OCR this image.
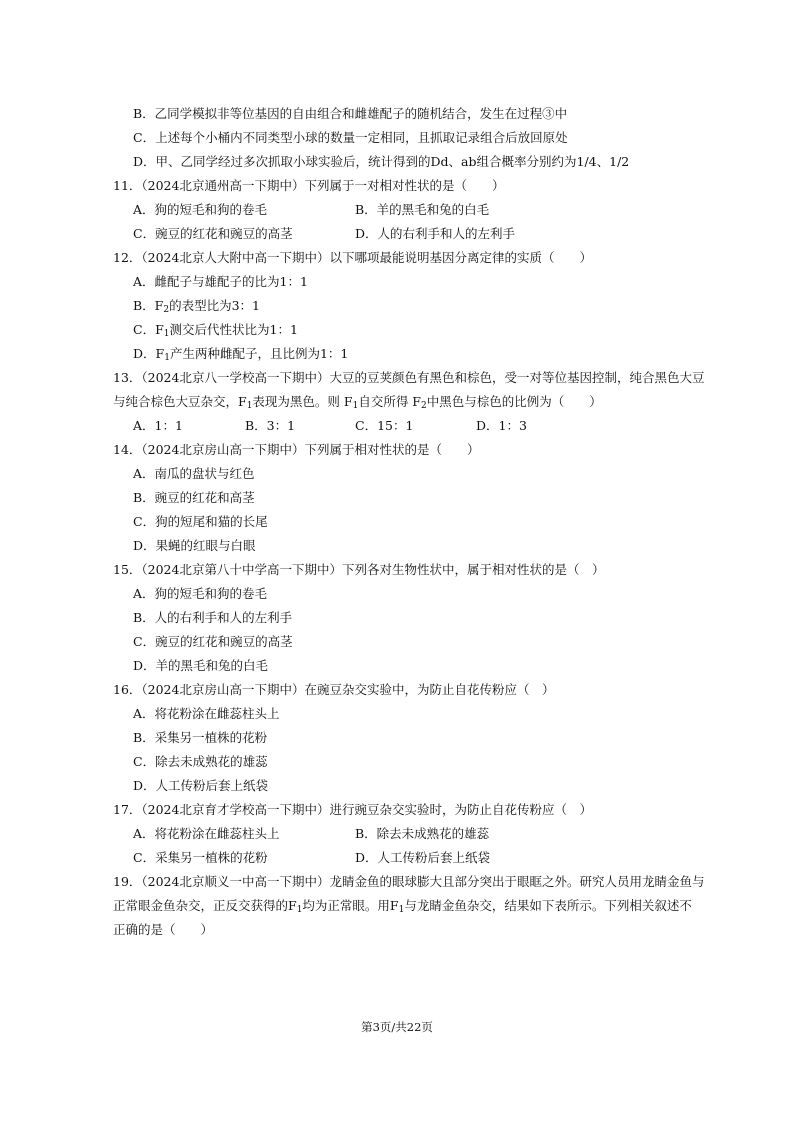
B．乙同学模拟非等位基因的自由组合和雌雄配子的随机结合，发生在过程③中
C．上述每个小桶内不同类型小球的数量一定相同，且抓取记录组合后放回原处
D．甲、乙同学经过多次抓取小球实验后，统计得到的Dd、ab组合概率分别约为1/4、1/2
11．（2024北京通州高一下期中）下列属于一对相对性状的是（　　）
A．狗的短毛和狗的卷毛	B．羊的黑毛和兔的白毛
C．豌豆的红花和豌豆的高茎	D．人的右利手和人的左利手
12．（2024北京人大附中高一下期中）以下哪项最能说明基因分离定律的实质（　　）
A．雌配子与雄配子的比为1：1
B．$F_2$的表型比为3：1
C．$F_1$测交后代性状比为1：1
D．$F_1$产生两种雌配子，且比例为1：1
13．（2024北京八一学校高一下期中）大豆的豆荚颜色有黑色和棕色，受一对等位基因控制，纯合黑色大豆
与纯合棕色大豆杂交，$F_1$表现为黑色。则 $F_1$自交所得 $F_2$中黑色与棕色的比例为（　　）
A．1：1	B．3：1	C．15：1	D．1：3
14．（2024北京房山高一下期中）下列属于相对性状的是（　　）
A．南瓜的盘状与红色
B．豌豆的红花和高茎
C．狗的短尾和猫的长尾
D．果蝇的红眼与白眼
15．（2024北京第八十中学高一下期中）下列各对生物性状中，属于相对性状的是（　）
A．狗的短毛和狗的卷毛
B．人的右利手和人的左利手
C．豌豆的红花和豌豆的高茎
D．羊的黑毛和兔的白毛
16．（2024北京房山高一下期中）在豌豆杂交实验中，为防止自花传粉应（　）
A．将花粉涂在雌蕊柱头上
B．采集另一植株的花粉
C．除去未成熟花的雄蕊
D．人工传粉后套上纸袋
17．（2024北京育才学校高一下期中）进行豌豆杂交实验时，为防止自花传粉应（　）
A．将花粉涂在雌蕊柱头上	B．除去未成熟花的雄蕊
C．采集另一植株的花粉	D．人工传粉后套上纸袋
19．（2024北京顺义一中高一下期中）龙睛金鱼的眼球膨大且部分突出于眼眶之外。研究人员用龙睛金鱼与
正常眼金鱼杂交，正反交获得的$F_1$均为正常眼。用$F_1$与龙睛金鱼杂交，结果如下表所示。下列相关叙述不
正确的是（　　）
第3页/共22页
